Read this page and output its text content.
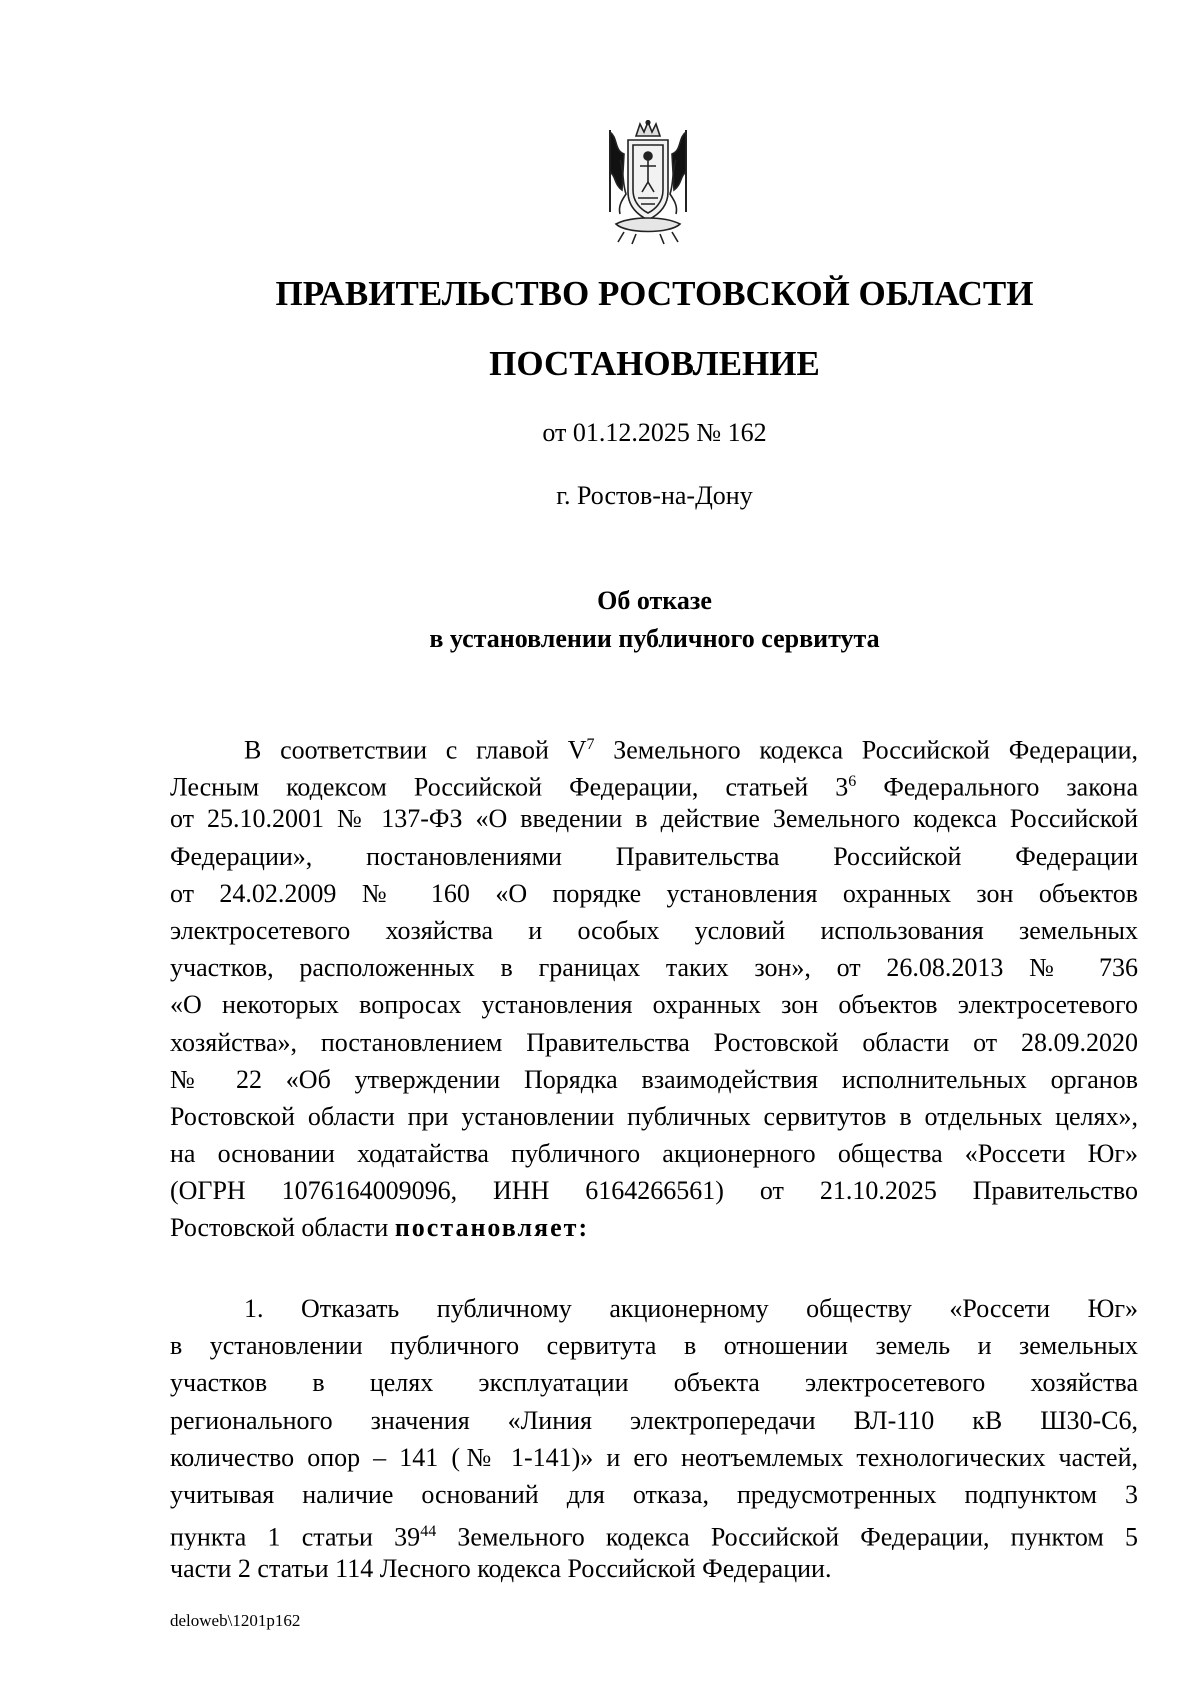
ПРАВИТЕЛЬСТВО РОСТОВСКОЙ ОБЛАСТИ
ПОСТАНОВЛЕНИЕ
от 01.12.2025 № 162
г. Ростов-на-Дону
Об отказе
в установлении публичного сервитута
В соответствии с главой $V^7$ Земельного кодекса Российской Федерации,
Лесным кодексом Российской Федерации, статьей $3^6$ Федерального закона
от 25.10.2001 № 137-ФЗ «О введении в действие Земельного кодекса Российской
Федерации», постановлениями Правительства Российской Федерации
от 24.02.2009 № 160 «О порядке установления охранных зон объектов
электросетевого хозяйства и особых условий использования земельных
участков, расположенных в границах таких зон», от 26.08.2013 № 736
«О некоторых вопросах установления охранных зон объектов электросетевого
хозяйства», постановлением Правительства Ростовской области от 28.09.2020
№ 22 «Об утверждении Порядка взаимодействия исполнительных органов
Ростовской области при установлении публичных сервитутов в отдельных целях»,
на основании ходатайства публичного акционерного общества «Россети Юг»
(ОГРН 1076164009096, ИНН 6164266561) от 21.10.2025 Правительство
Ростовской области постановляет:
1. Отказать публичному акционерному обществу «Россети Юг»
в установлении публичного сервитута в отношении земель и земельных
участков в целях эксплуатации объекта электросетевого хозяйства
регионального значения «Линия электропередачи ВЛ-110 кВ Ш30-С6,
количество опор – 141 (№ 1-141)» и его неотъемлемых технологических частей,
учитывая наличие оснований для отказа, предусмотренных подпунктом 3
пункта 1 статьи $39^{44}$ Земельного кодекса Российской Федерации, пунктом 5
части 2 статьи 114 Лесного кодекса Российской Федерации.
deloweb\1201p162
